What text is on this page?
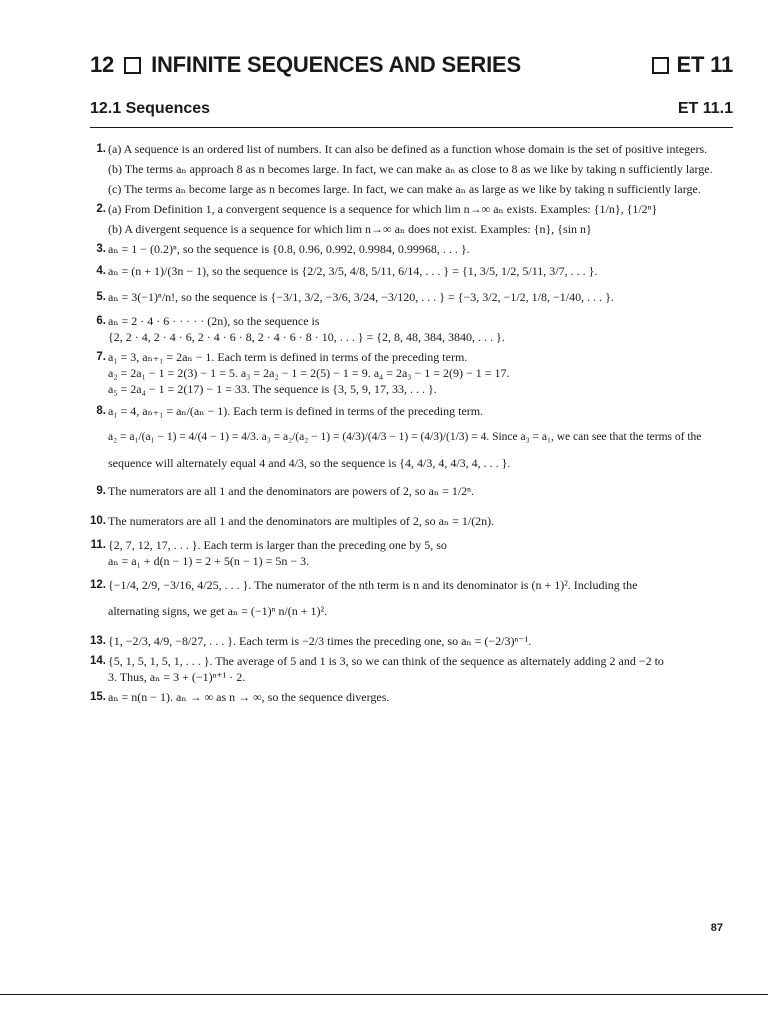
12 INFINITE SEQUENCES AND SERIES	ET 11
12.1 Sequences	ET 11.1
1. (a) A sequence is an ordered list of numbers. It can also be defined as a function whose domain is the set of positive integers.
(b) The terms aₙ approach 8 as n becomes large. In fact, we can make aₙ as close to 8 as we like by taking n sufficiently large.
(c) The terms aₙ become large as n becomes large. In fact, we can make aₙ as large as we like by taking n sufficiently large.
2. (a) From Definition 1, a convergent sequence is a sequence for which lim n→∞ aₙ exists. Examples: {1/n}, {1/2ⁿ}
(b) A divergent sequence is a sequence for which lim n→∞ aₙ does not exist. Examples: {n}, {sin n}
3. aₙ = 1 − (0.2)ⁿ, so the sequence is {0.8, 0.96, 0.992, 0.9984, 0.99968, . . . }.
4. aₙ = (n + 1)/(3n − 1), so the sequence is {2/2, 3/5, 4/8, 5/11, 6/14, . . . } = {1, 3/5, 1/2, 5/11, 3/7, . . . }.
5. aₙ = 3(−1)ⁿ/n!, so the sequence is {−3/1, 3/2, −3/6, 3/24, −3/120, . . . } = {−3, 3/2, −1/2, 1/8, −1/40, . . . }.
6. aₙ = 2 · 4 · 6 · · · · · (2n), so the sequence is
{2, 2 · 4, 2 · 4 · 6, 2 · 4 · 6 · 8, 2 · 4 · 6 · 8 · 10, . . . } = {2, 8, 48, 384, 3840, . . . }.
7. a₁ = 3, aₙ₊₁ = 2aₙ − 1. Each term is defined in terms of the preceding term.
a₂ = 2a₁ − 1 = 2(3) − 1 = 5. a₃ = 2a₂ − 1 = 2(5) − 1 = 9. a₄ = 2a₃ − 1 = 2(9) − 1 = 17.
a₅ = 2a₄ − 1 = 2(17) − 1 = 33. The sequence is {3, 5, 9, 17, 33, . . . }.
8. a₁ = 4, aₙ₊₁ = aₙ/(aₙ − 1). Each term is defined in terms of the preceding term.
a₂ = a₁/(a₁ − 1) = 4/(4 − 1) = 4/3. a₃ = a₂/(a₂ − 1) = (4/3)/(4/3 − 1) = (4/3)/(1/3) = 4. Since a₃ = a₁, we can see that the terms of the
sequence will alternately equal 4 and 4/3, so the sequence is {4, 4/3, 4, 4/3, 4, . . . }.
9. The numerators are all 1 and the denominators are powers of 2, so aₙ = 1/2ⁿ.
10. The numerators are all 1 and the denominators are multiples of 2, so aₙ = 1/(2n).
11. {2, 7, 12, 17, . . . }. Each term is larger than the preceding one by 5, so
aₙ = a₁ + d(n − 1) = 2 + 5(n − 1) = 5n − 3.
12. {−1/4, 2/9, −3/16, 4/25, . . . }. The numerator of the nth term is n and its denominator is (n + 1)². Including the
alternating signs, we get aₙ = (−1)ⁿ n/(n + 1)².
13. {1, −2/3, 4/9, −8/27, . . . }. Each term is −2/3 times the preceding one, so aₙ = (−2/3)ⁿ⁻¹.
14. {5, 1, 5, 1, 5, 1, . . . }. The average of 5 and 1 is 3, so we can think of the sequence as alternately adding 2 and −2 to
3. Thus, aₙ = 3 + (−1)ⁿ⁺¹ · 2.
15. aₙ = n(n − 1). aₙ → ∞ as n → ∞, so the sequence diverges.
87
